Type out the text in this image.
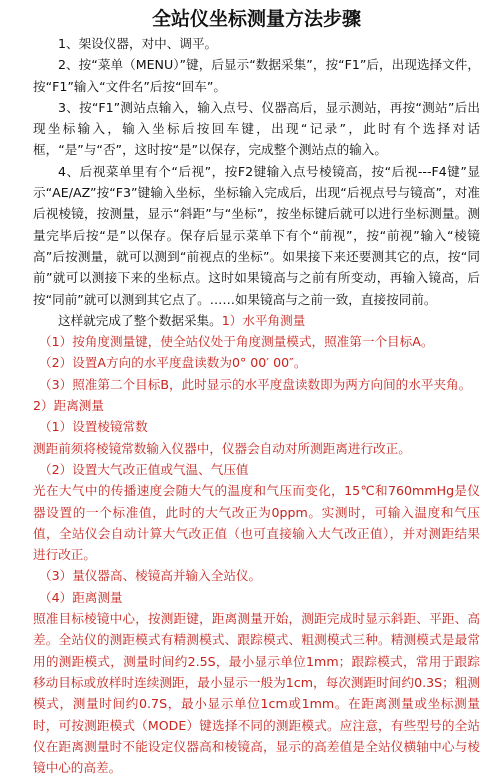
全站仪坐标测量方法步骤

1、架设仪器，对中、调平。

2、按“菜单（MENU）”键，后显示“数据采集”，按“F1”后，出现选择文件，按“F1”输入“文件名”后按“回车”。

3、按“F1”测站点输入，输入点号、仪器高后，显示测站，再按“测站”后出现坐标输入，输入坐标后按回车键，出现“记录”，此时有个选择对话框，“是”与“否”，这时按“是”以保存，完成整个测站点的输入。

4、后视菜单里有个“后视”，按F2键输入点号棱镜高，按“后视---F4键”显示“AE/AZ”按“F3”键输入坐标，坐标输入完成后，出现“后视点号与镜高”，对准后视棱镜，按测量，显示“斜距”与“坐标”，按坐标键后就可以进行坐标测量。测量完毕后按“是”以保存。保存后显示菜单下有个“前视”，按“前视”输入“棱镜高”后按测量，就可以测到“前视点的坐标”。如果接下来还要测其它的点，按“同前”就可以测接下来的坐标点。这时如果镜高与之前有所变动，再输入镜高，后按“同前”就可以测到其它点了。……如果镜高与之前一致，直接按同前。

这样就完成了整个数据采集。1）水平角测量

（1）按角度测量键，使全站仪处于角度测量模式，照准第一个目标A。

（2）设置A方向的水平度盘读数为0° 00′ 00″。

（3）照准第二个目标B，此时显示的水平度盘读数即为两方向间的水平夹角。

2）距离测量

（1）设置棱镜常数

测距前须将棱镜常数输入仪器中，仪器会自动对所测距离进行改正。

（2）设置大气改正值或气温、气压值

光在大气中的传播速度会随大气的温度和气压而变化，15℃和760mmHg是仪器设置的一个标准值，此时的大气改正为0ppm。实测时，可输入温度和气压值，全站仪会自动计算大气改正值（也可直接输入大气改正值），并对测距结果进行改正。

（3）量仪器高、棱镜高并输入全站仪。

（4）距离测量

照准目标棱镜中心，按测距键，距离测量开始，测距完成时显示斜距、平距、高差。全站仪的测距模式有精测模式、跟踪模式、粗测模式三种。精测模式是最常用的测距模式，测量时间约2.5S，最小显示单位1mm；跟踪模式，常用于跟踪移动目标或放样时连续测距，最小显示一般为1cm，每次测距时间约0.3S；粗测模式，测量时间约0.7S，最小显示单位1cm或1mm。在距离测量或坐标测量时，可按测距模式（MODE）键选择不同的测距模式。应注意，有些型号的全站仪在距离测量时不能设定仪器高和棱镜高，显示的高差值是全站仪横轴中心与棱镜中心的高差。
